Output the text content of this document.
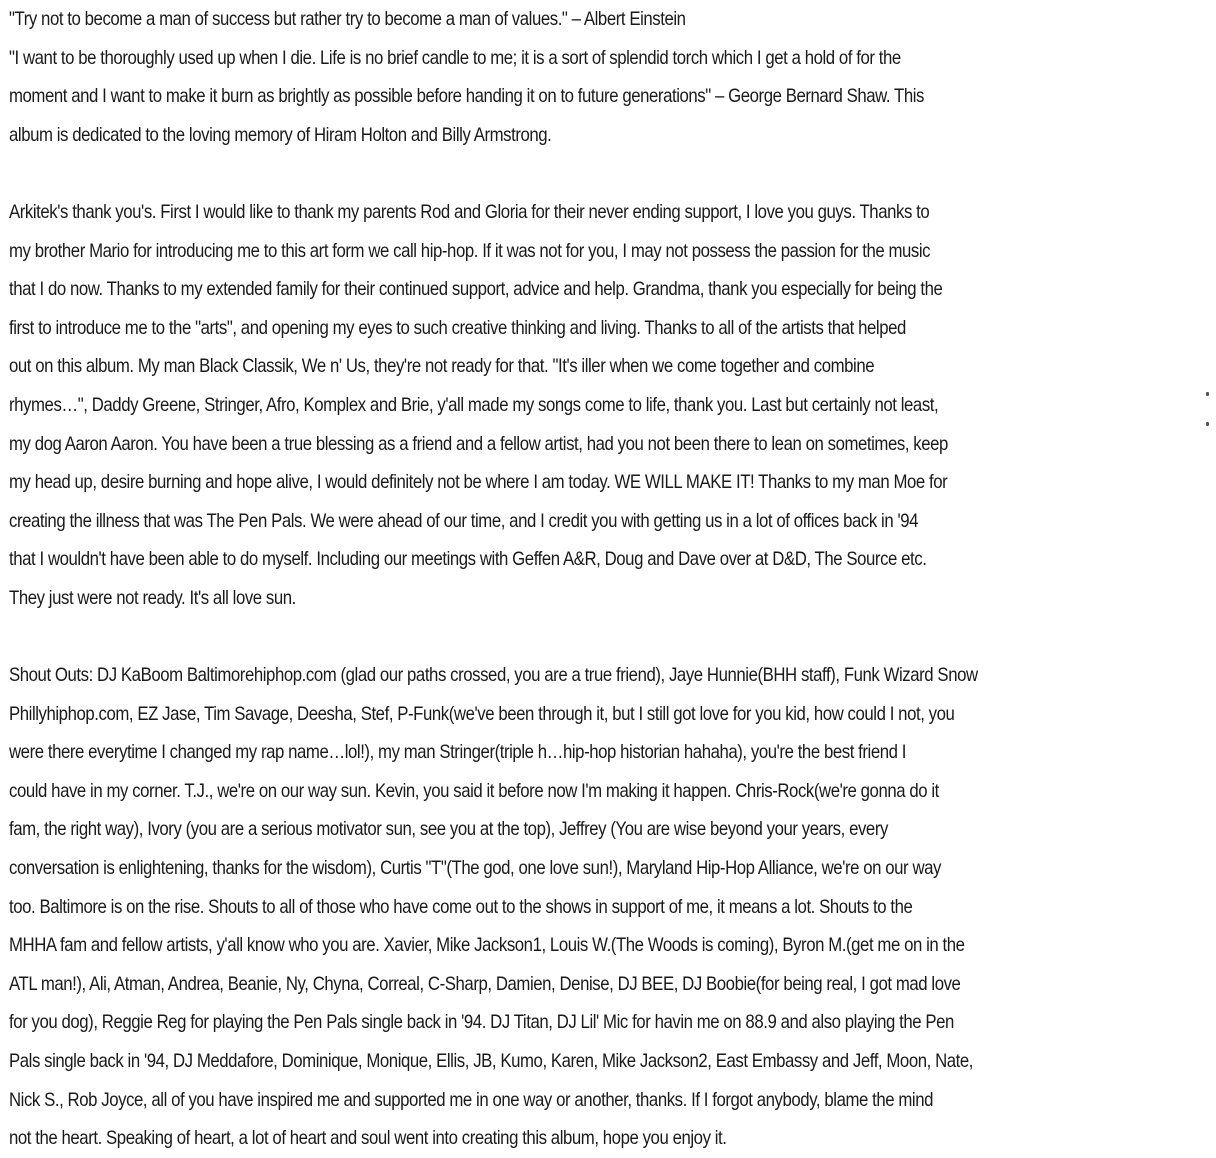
"Try not to become a man of success but rather try to become a man of values." – Albert Einstein
"I want to be thoroughly used up when I die. Life is no brief candle to me; it is a sort of splendid torch which I get a hold of for the
moment and I want to make it burn as brightly as possible before handing it on to future generations" – George Bernard Shaw. This
album is dedicated to the loving memory of Hiram Holton and Billy Armstrong.
Arkitek's thank you's. First I would like to thank my parents Rod and Gloria for their never ending support, I love you guys. Thanks to
my brother Mario for introducing me to this art form we call hip-hop. If it was not for you, I may not possess the passion for the music
that I do now. Thanks to my extended family for their continued support, advice and help. Grandma, thank you especially for being the
first to introduce me to the "arts", and opening my eyes to such creative thinking and living. Thanks to all of the artists that helped
out on this album. My man Black Classik, We n' Us, they're not ready for that. "It's iller when we come together and combine
rhymes…", Daddy Greene, Stringer, Afro, Komplex and Brie, y'all made my songs come to life, thank you. Last but certainly not least,
my dog Aaron Aaron. You have been a true blessing as a friend and a fellow artist, had you not been there to lean on sometimes, keep
my head up, desire burning and hope alive, I would definitely not be where I am today. WE WILL MAKE IT! Thanks to my man Moe for
creating the illness that was The Pen Pals. We were ahead of our time, and I credit you with getting us in a lot of offices back in '94
that I wouldn't have been able to do myself. Including our meetings with Geffen A&R, Doug and Dave over at D&D, The Source etc.
They just were not ready. It's all love sun.
Shout Outs: DJ KaBoom Baltimorehiphop.com (glad our paths crossed, you are a true friend), Jaye Hunnie(BHH staff), Funk Wizard Snow
Phillyhiphop.com, EZ Jase, Tim Savage, Deesha, Stef, P-Funk(we've been through it, but I still got love for you kid, how could I not, you
were there everytime I changed my rap name…lol!), my man Stringer(triple h…hip-hop historian hahaha), you're the best friend I
could have in my corner. T.J., we're on our way sun. Kevin, you said it before now I'm making it happen. Chris-Rock(we're gonna do it
fam, the right way), Ivory (you are a serious motivator sun, see you at the top), Jeffrey (You are wise beyond your years, every
conversation is enlightening, thanks for the wisdom), Curtis "T"(The god, one love sun!), Maryland Hip-Hop Alliance, we're on our way
too. Baltimore is on the rise. Shouts to all of those who have come out to the shows in support of me, it means a lot. Shouts to the
MHHA fam and fellow artists, y'all know who you are. Xavier, Mike Jackson1, Louis W.(The Woods is coming), Byron M.(get me on in the
ATL man!), Ali, Atman, Andrea, Beanie, Ny, Chyna, Correal, C-Sharp, Damien, Denise, DJ BEE, DJ Boobie(for being real, I got mad love
for you dog), Reggie Reg for playing the Pen Pals single back in '94. DJ Titan, DJ Lil' Mic for havin me on 88.9 and also playing the Pen
Pals single back in '94, DJ Meddafore, Dominique, Monique, Ellis, JB, Kumo, Karen, Mike Jackson2, East Embassy and Jeff, Moon, Nate,
Nick S., Rob Joyce, all of you have inspired me and supported me in one way or another, thanks. If I forgot anybody, blame the mind
not the heart. Speaking of heart, a lot of heart and soul went into creating this album, hope you enjoy it.
